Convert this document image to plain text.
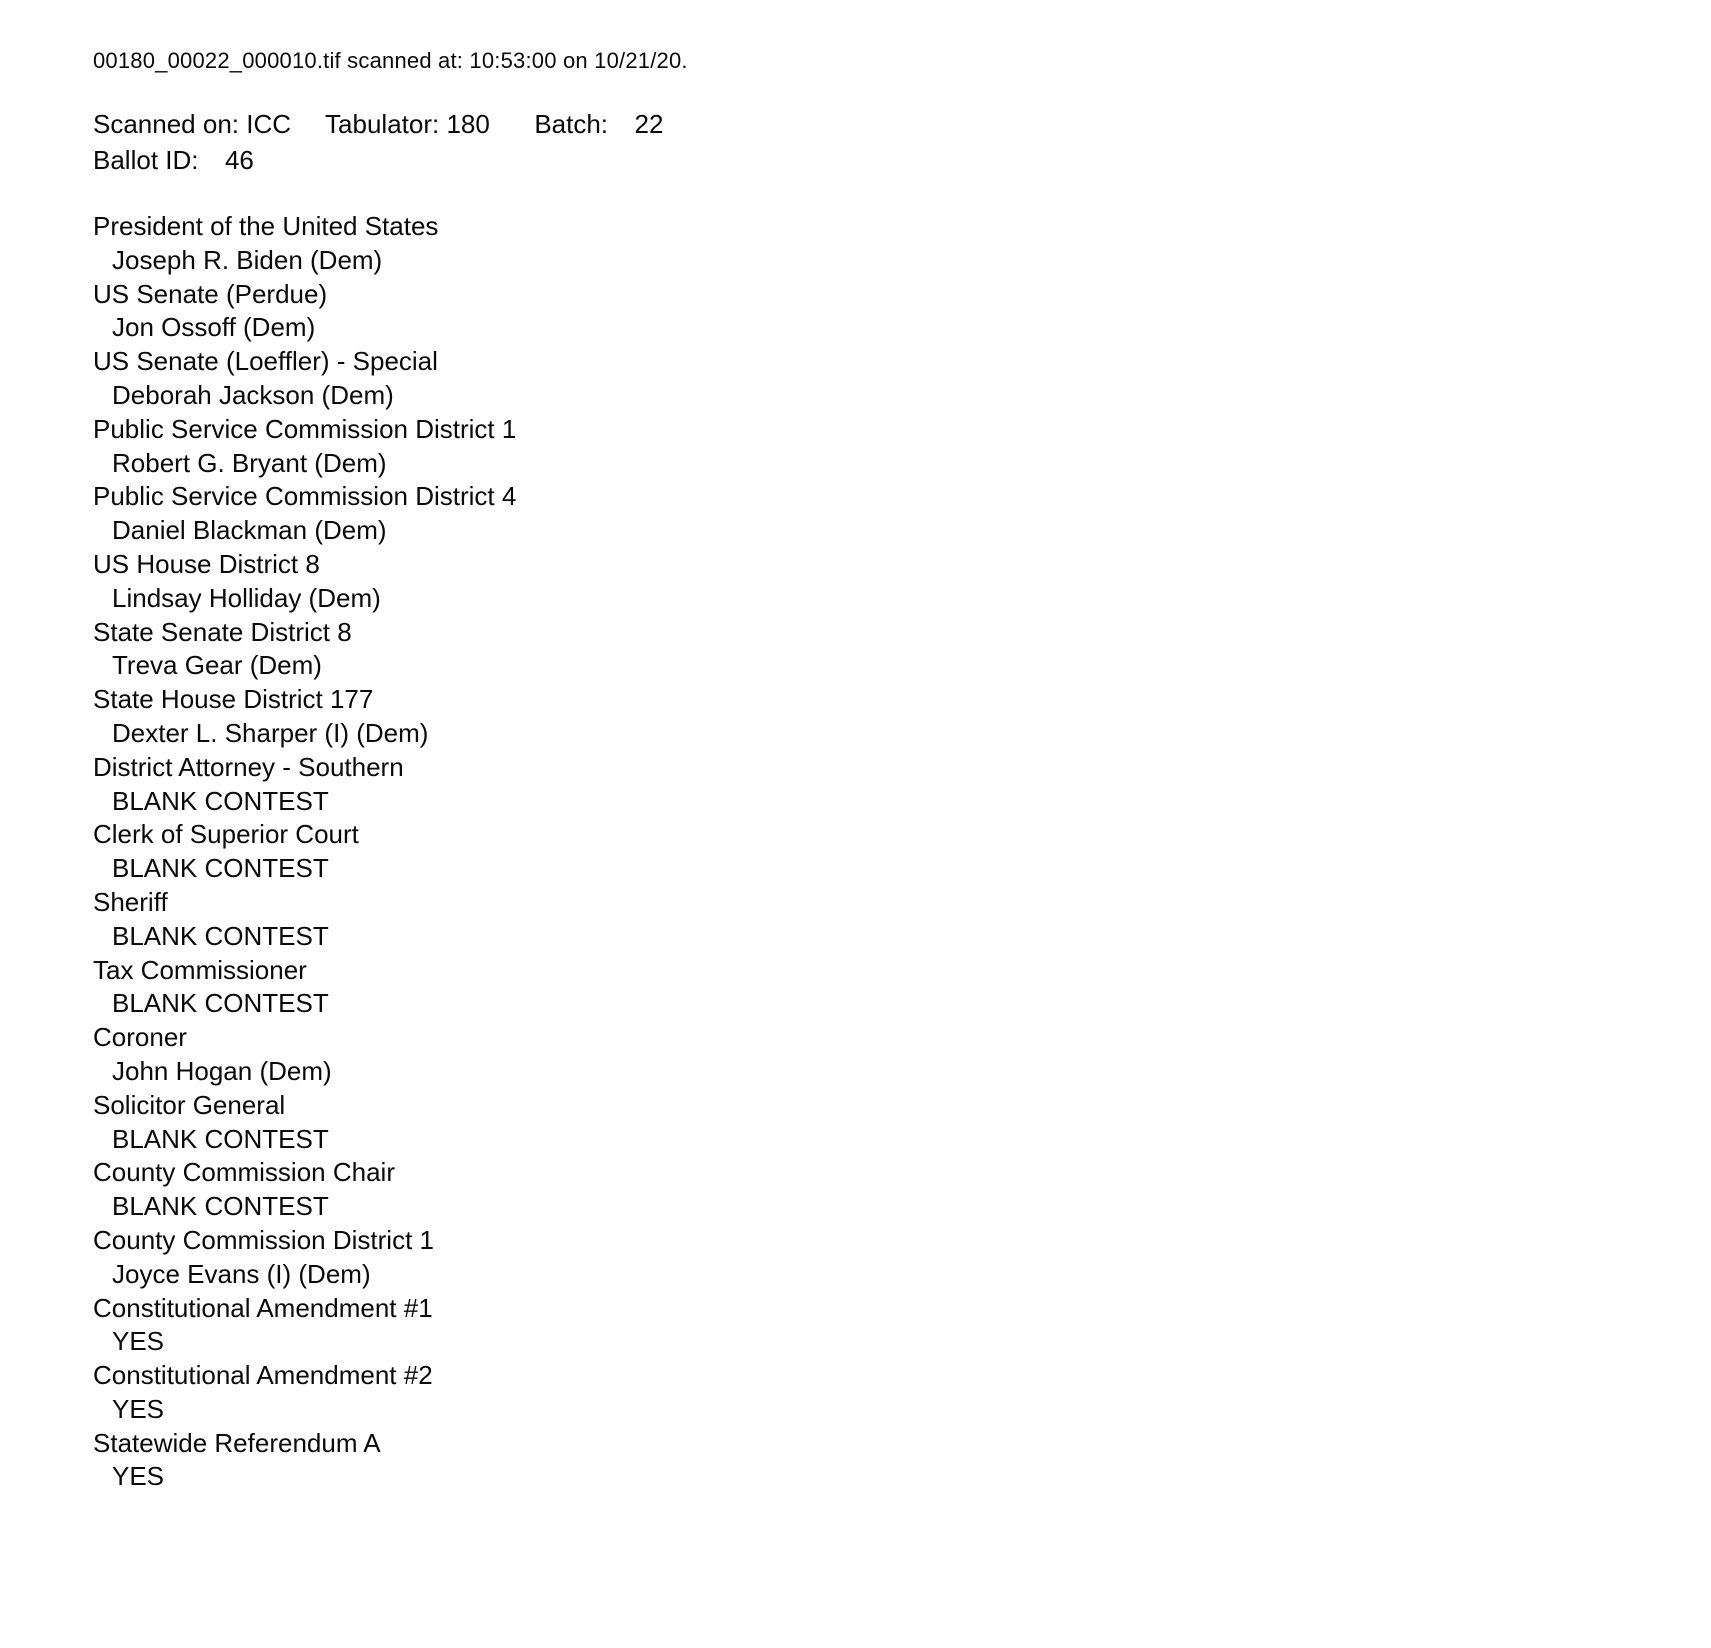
00180_00022_000010.tif scanned at: 10:53:00 on 10/21/20.
Scanned on: ICC Tabulator: 180 Batch: 22
Ballot ID: 46
President of the United States
Joseph R. Biden (Dem)
US Senate (Perdue)
Jon Ossoff (Dem)
US Senate (Loeffler) - Special
Deborah Jackson (Dem)
Public Service Commission District 1
Robert G. Bryant (Dem)
Public Service Commission District 4
Daniel Blackman (Dem)
US House District 8
Lindsay Holliday (Dem)
State Senate District 8
Treva Gear (Dem)
State House District 177
Dexter L. Sharper (I) (Dem)
District Attorney - Southern
BLANK CONTEST
Clerk of Superior Court
BLANK CONTEST
Sheriff
BLANK CONTEST
Tax Commissioner
BLANK CONTEST
Coroner
John Hogan (Dem)
Solicitor General
BLANK CONTEST
County Commission Chair
BLANK CONTEST
County Commission District 1
Joyce Evans (I) (Dem)
Constitutional Amendment #1
YES
Constitutional Amendment #2
YES
Statewide Referendum A
YES
